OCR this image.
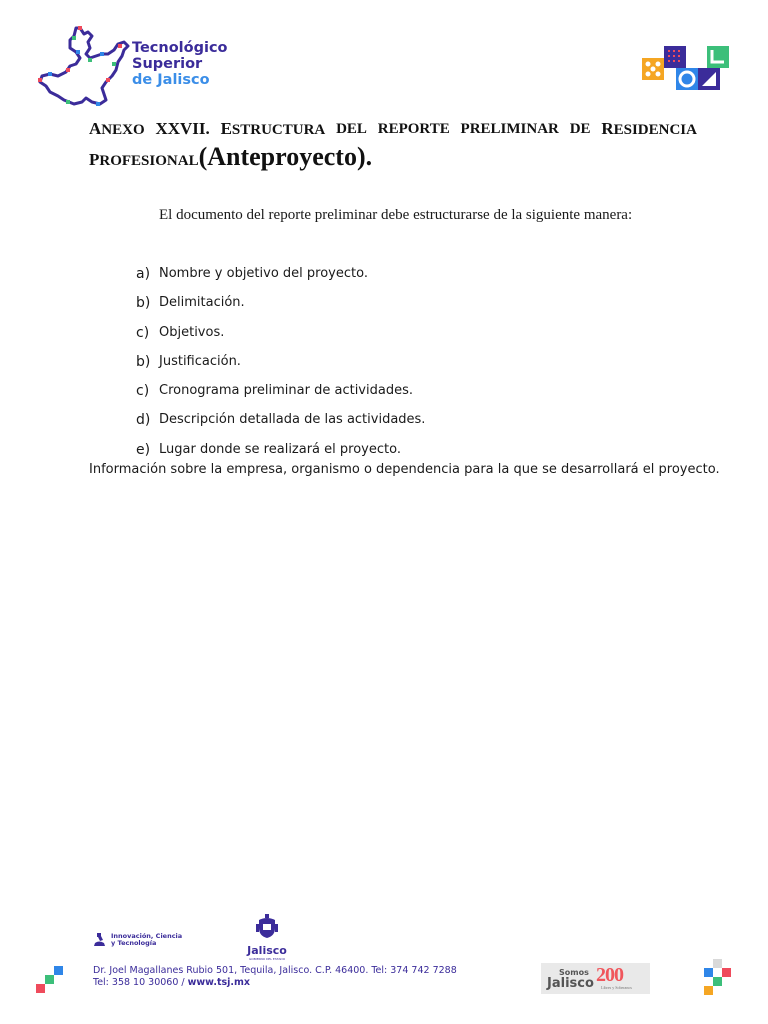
Tecnológico
Superior
de Jalisco
ANEXO XXVII. ESTRUCTURA DEL REPORTE PRELIMINAR DE RESIDENCIA
PROFESIONAL(Anteproyecto).
El documento del reporte preliminar debe estructurarse de la siguiente manera:
a) Nombre y objetivo del proyecto.
b) Delimitación.
c) Objetivos.
b) Justificación.
c) Cronograma preliminar de actividades.
d) Descripción detallada de las actividades.
e) Lugar donde se realizará el proyecto.
Información sobre la empresa, organismo o dependencia para la que se desarrollará el proyecto.
Innovación, Ciencia
y Tecnología
Jalisco
GOBIERNO DEL ESTADO
Dr. Joel Magallanes Rubio 501, Tequila, Jalisco. C.P. 46400. Tel: 374 742 7288
Tel: 358 10 30060 / www.tsj.mx
Somos
Jalisco 200
Libres y Soberanos
